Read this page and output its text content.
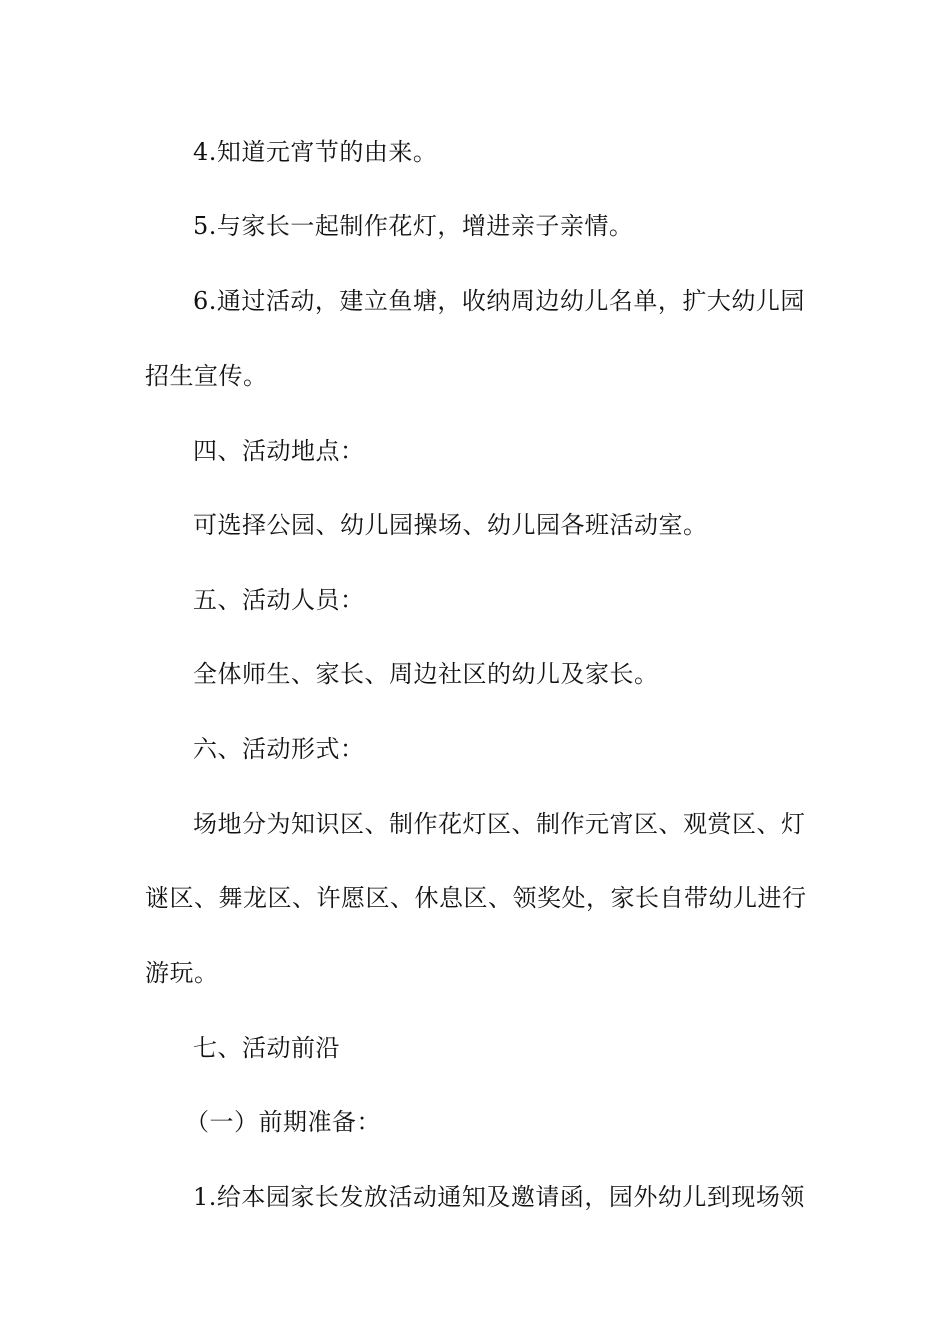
4.知道元宵节的由来。
5.与家长一起制作花灯，增进亲子亲情。
6.通过活动，建立鱼塘，收纳周边幼儿名单，扩大幼儿园
招生宣传。
四、活动地点：
可选择公园、幼儿园操场、幼儿园各班活动室。
五、活动人员：
全体师生、家长、周边社区的幼儿及家长。
六、活动形式：
场地分为知识区、制作花灯区、制作元宵区、观赏区、灯
谜区、舞龙区、许愿区、休息区、领奖处，家长自带幼儿进行
游玩。
七、活动前沿
（一）前期准备：
1.给本园家长发放活动通知及邀请函，园外幼儿到现场领
